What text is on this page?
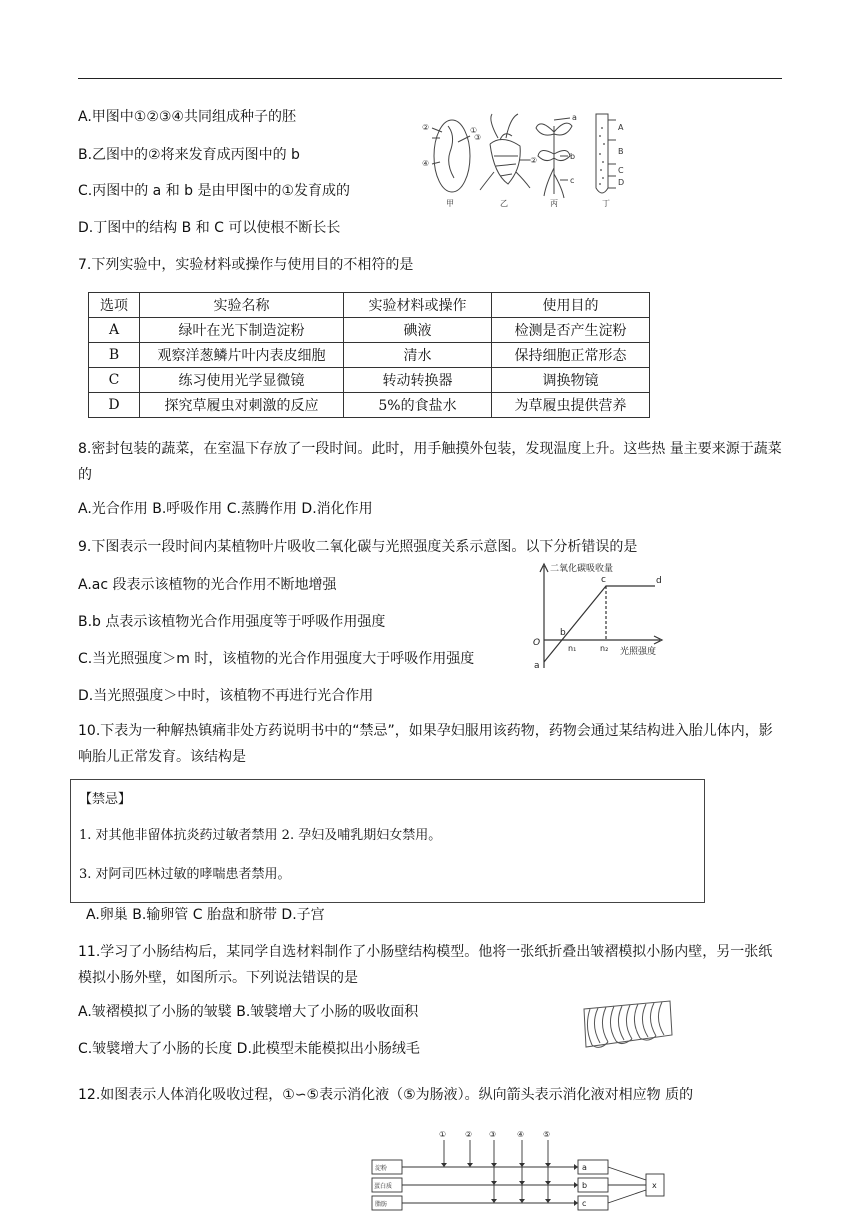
A.甲图中①②③④共同组成种子的胚
B.乙图中的②将来发育成丙图中的 b
C.丙图中的 a 和 b 是由甲图中的①发育成的
D.丁图中的结构 B 和 C 可以使根不断长长
②	①
④
③
②
a
b
c
A
B
C
D
甲	乙	丙	丁
7.下列实验中，实验材料或操作与使用目的不相符的是
选项	实验名称	实验材料或操作	使用目的
A	绿叶在光下制造淀粉	碘液	检测是否产生淀粉
B	观察洋葱鳞片叶内表皮细胞	清水	保持细胞正常形态
C	练习使用光学显微镜	转动转换器	调换物镜
D	探究草履虫对刺激的反应	5%的食盐水	为草履虫提供营养
8.密封包装的蔬菜，在室温下存放了一段时间。此时，用手触摸外包装，发现温度上升。这些热 量主要来源于蔬菜的
A.光合作用 B.呼吸作用 C.蒸腾作用 D.消化作用
9.下图表示一段时间内某植物叶片吸收二氧化碳与光照强度关系示意图。以下分析错误的是
A.ac 段表示该植物的光合作用不断地增强
B.b 点表示该植物光合作用强度等于呼吸作用强度
C.当光照强度＞m 时，该植物的光合作用强度大于呼吸作用强度
D.当光照强度＞中时，该植物不再进行光合作用
二氧化碳吸收量
光照强度
O
a
b
c	d
n₁	n₂
10.下表为一种解热镇痛非处方药说明书中的“禁忌”，如果孕妇服用该药物，药物会通过某结构进入胎儿体内，影响胎儿正常发育。该结构是
【禁忌】
1. 对其他非留体抗炎药过敏者禁用 2. 孕妇及哺乳期妇女禁用。
3. 对阿司匹林过敏的哮喘患者禁用。
A.卵巢 B.输卵管 C 胎盘和脐带 D.子宫
11.学习了小肠结构后，某同学自选材料制作了小肠壁结构模型。他将一张纸折叠出皱褶模拟小肠内壁，另一张纸模拟小肠外壁，如图所示。下列说法错误的是
A.皱褶模拟了小肠的皱襞 B.皱襞增大了小肠的吸收面积
C.皱襞增大了小肠的长度 D.此模型未能模拟出小肠绒毛
12.如图表示人体消化吸收过程，①∽⑤表示消化液（⑤为肠液）。纵向箭头表示消化液对相应物 质的
① ② ③	④ ⑤
淀粉
蛋白质
脂肪
a
b
c
x
